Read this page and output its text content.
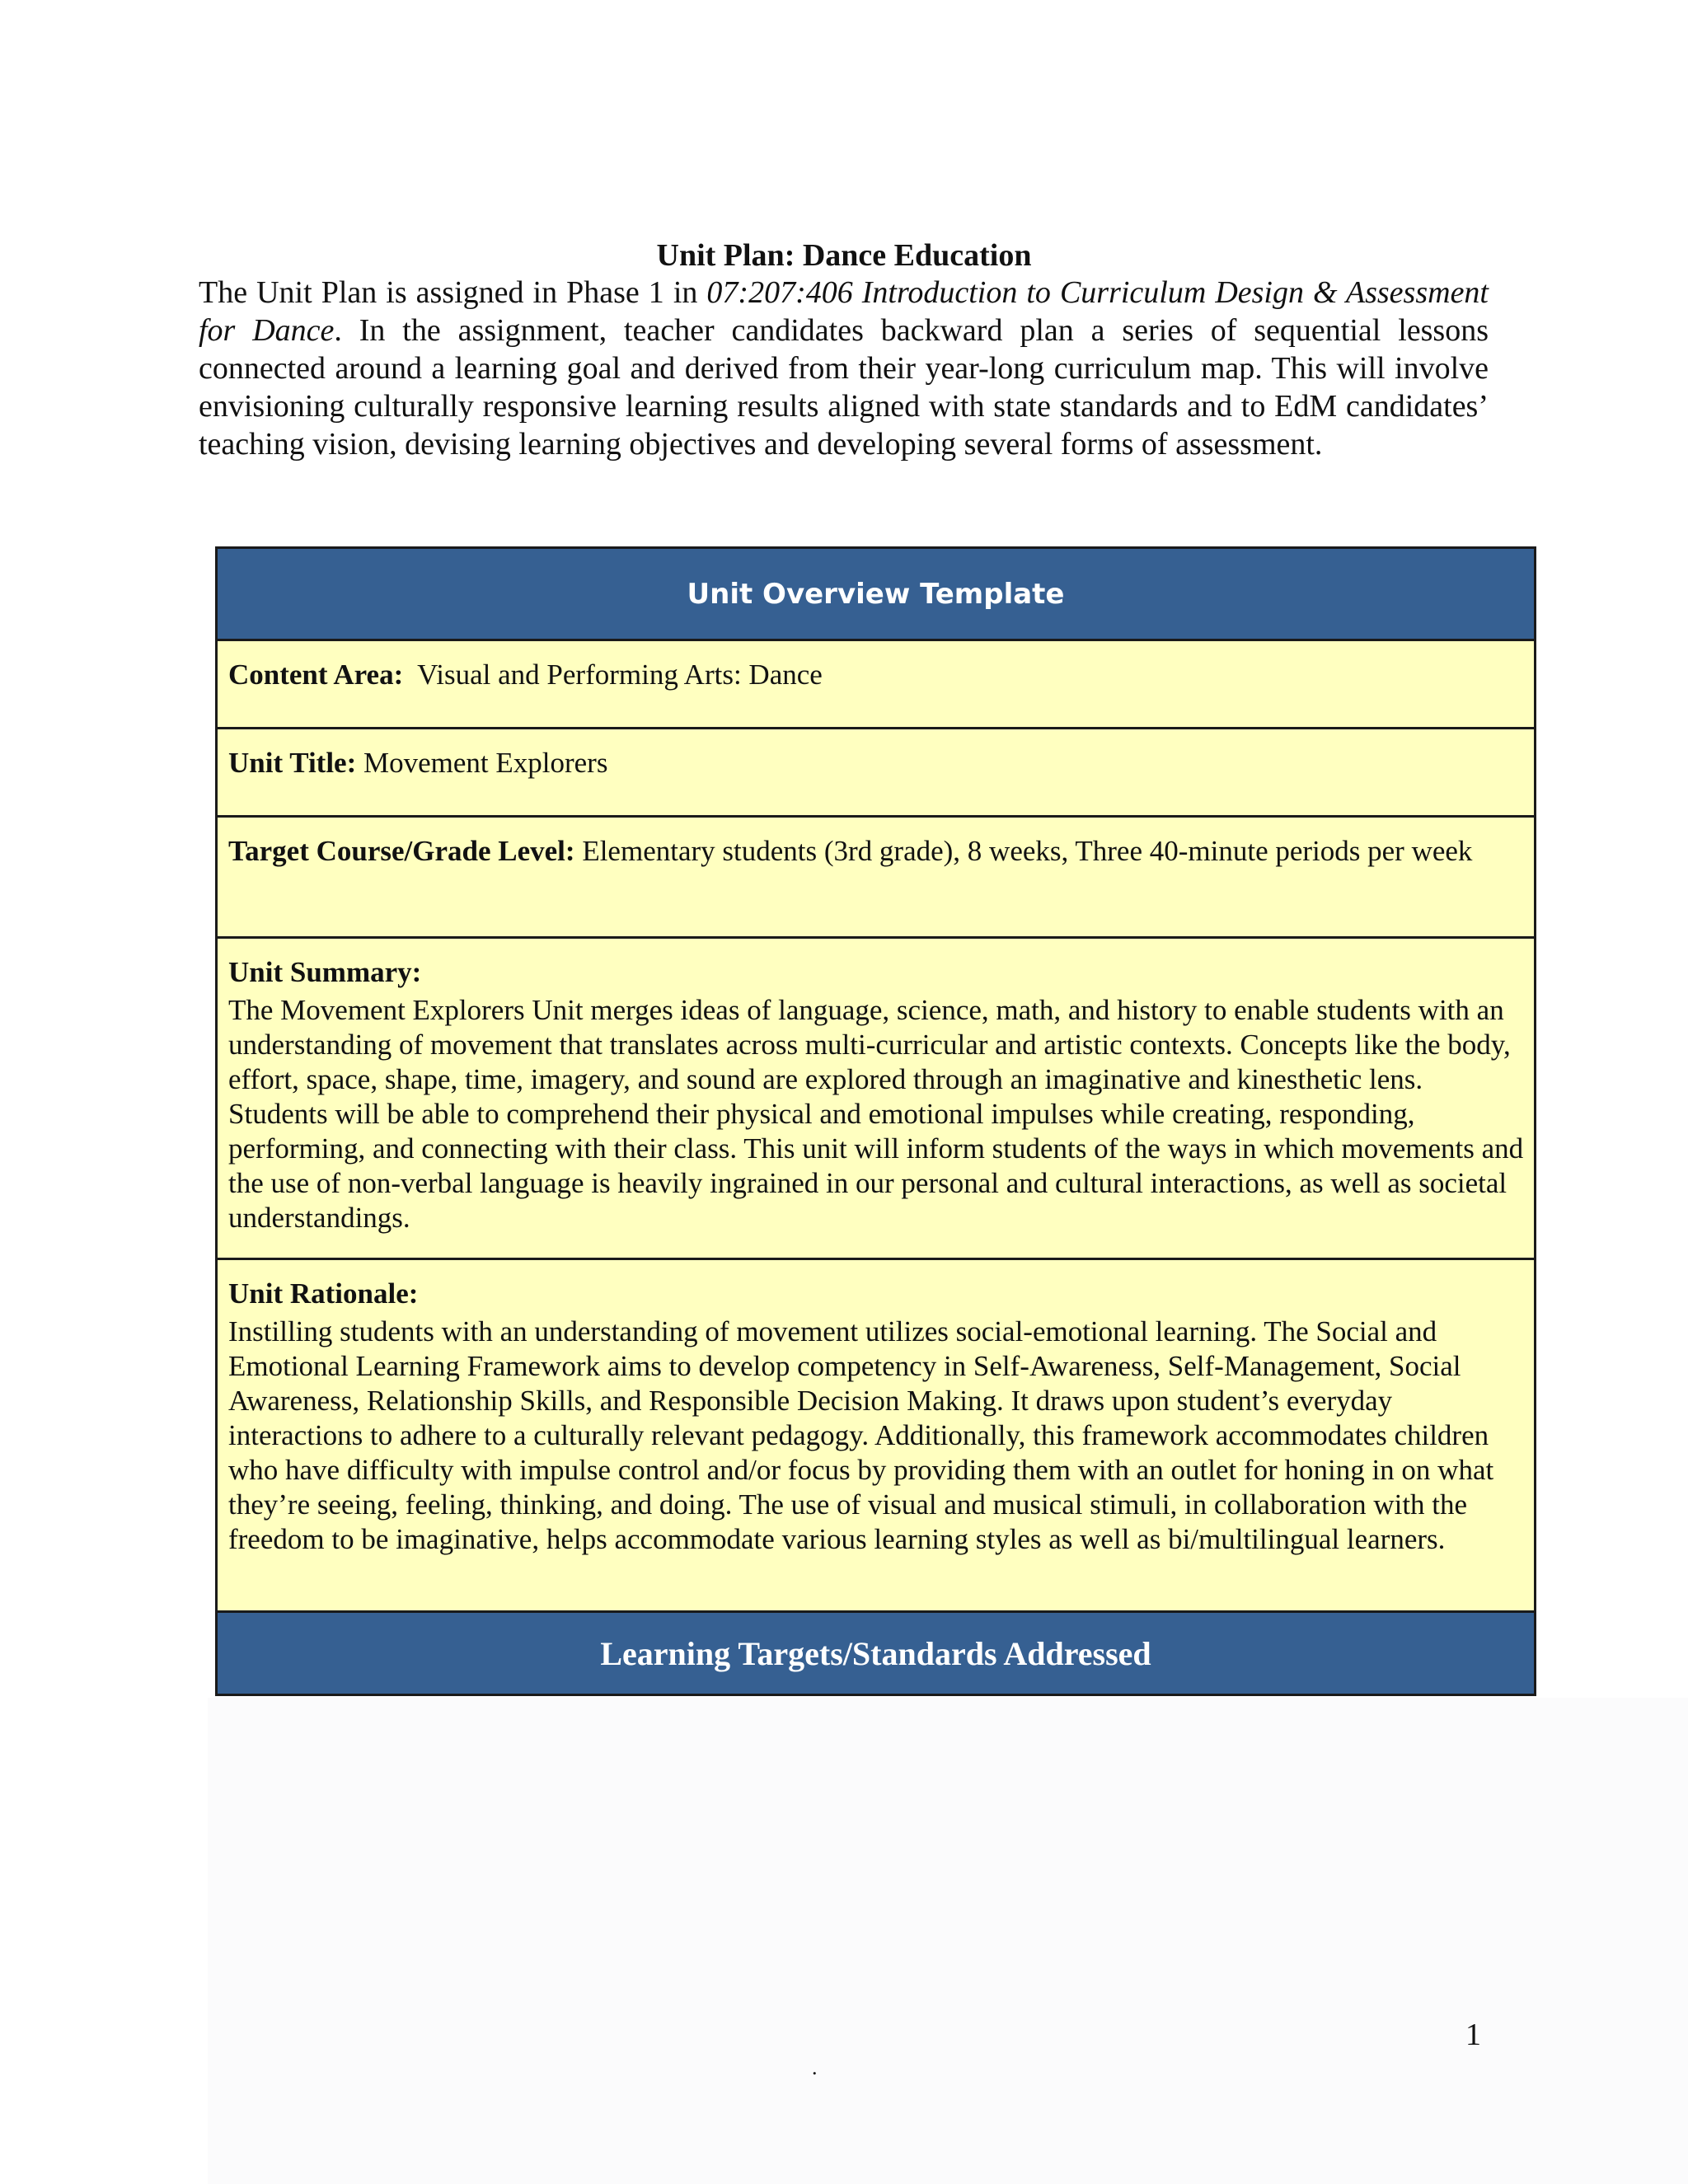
Unit Plan: Dance Education
The Unit Plan is assigned in Phase 1 in 07:207:406 Introduction to Curriculum Design & Assessment for Dance. In the assignment, teacher candidates backward plan a series of sequential lessons connected around a learning goal and derived from their year-long curriculum map. This will involve envisioning culturally responsive learning results aligned with state standards and to EdM candidates’ teaching vision, devising learning objectives and developing several forms of assessment.
Unit Overview Template
Content Area:  Visual and Performing Arts: Dance
Unit Title: Movement Explorers
Target Course/Grade Level: Elementary students (3rd grade), 8 weeks, Three 40-minute periods per week
Unit Summary:
The Movement Explorers Unit merges ideas of language, science, math, and history to enable students with an understanding of movement that translates across multi-curricular and artistic contexts. Concepts like the body, effort, space, shape, time, imagery, and sound are explored through an imaginative and kinesthetic lens. Students will be able to comprehend their physical and emotional impulses while creating, responding, performing, and connecting with their class. This unit will inform students of the ways in which movements and the use of non-verbal language is heavily ingrained in our personal and cultural interactions, as well as societal understandings.
Unit Rationale:
Instilling students with an understanding of movement utilizes social-emotional learning. The Social and Emotional Learning Framework aims to develop competency in Self-Awareness, Self-Management, Social Awareness, Relationship Skills, and Responsible Decision Making. It draws upon student’s everyday interactions to adhere to a culturally relevant pedagogy. Additionally, this framework accommodates children who have difficulty with impulse control and/or focus by providing them with an outlet for honing in on what they’re seeing, feeling, thinking, and doing. The use of visual and musical stimuli, in collaboration with the freedom to be imaginative, helps accommodate various learning styles as well as bi/multilingual learners.
Learning Targets/Standards Addressed
1
.
